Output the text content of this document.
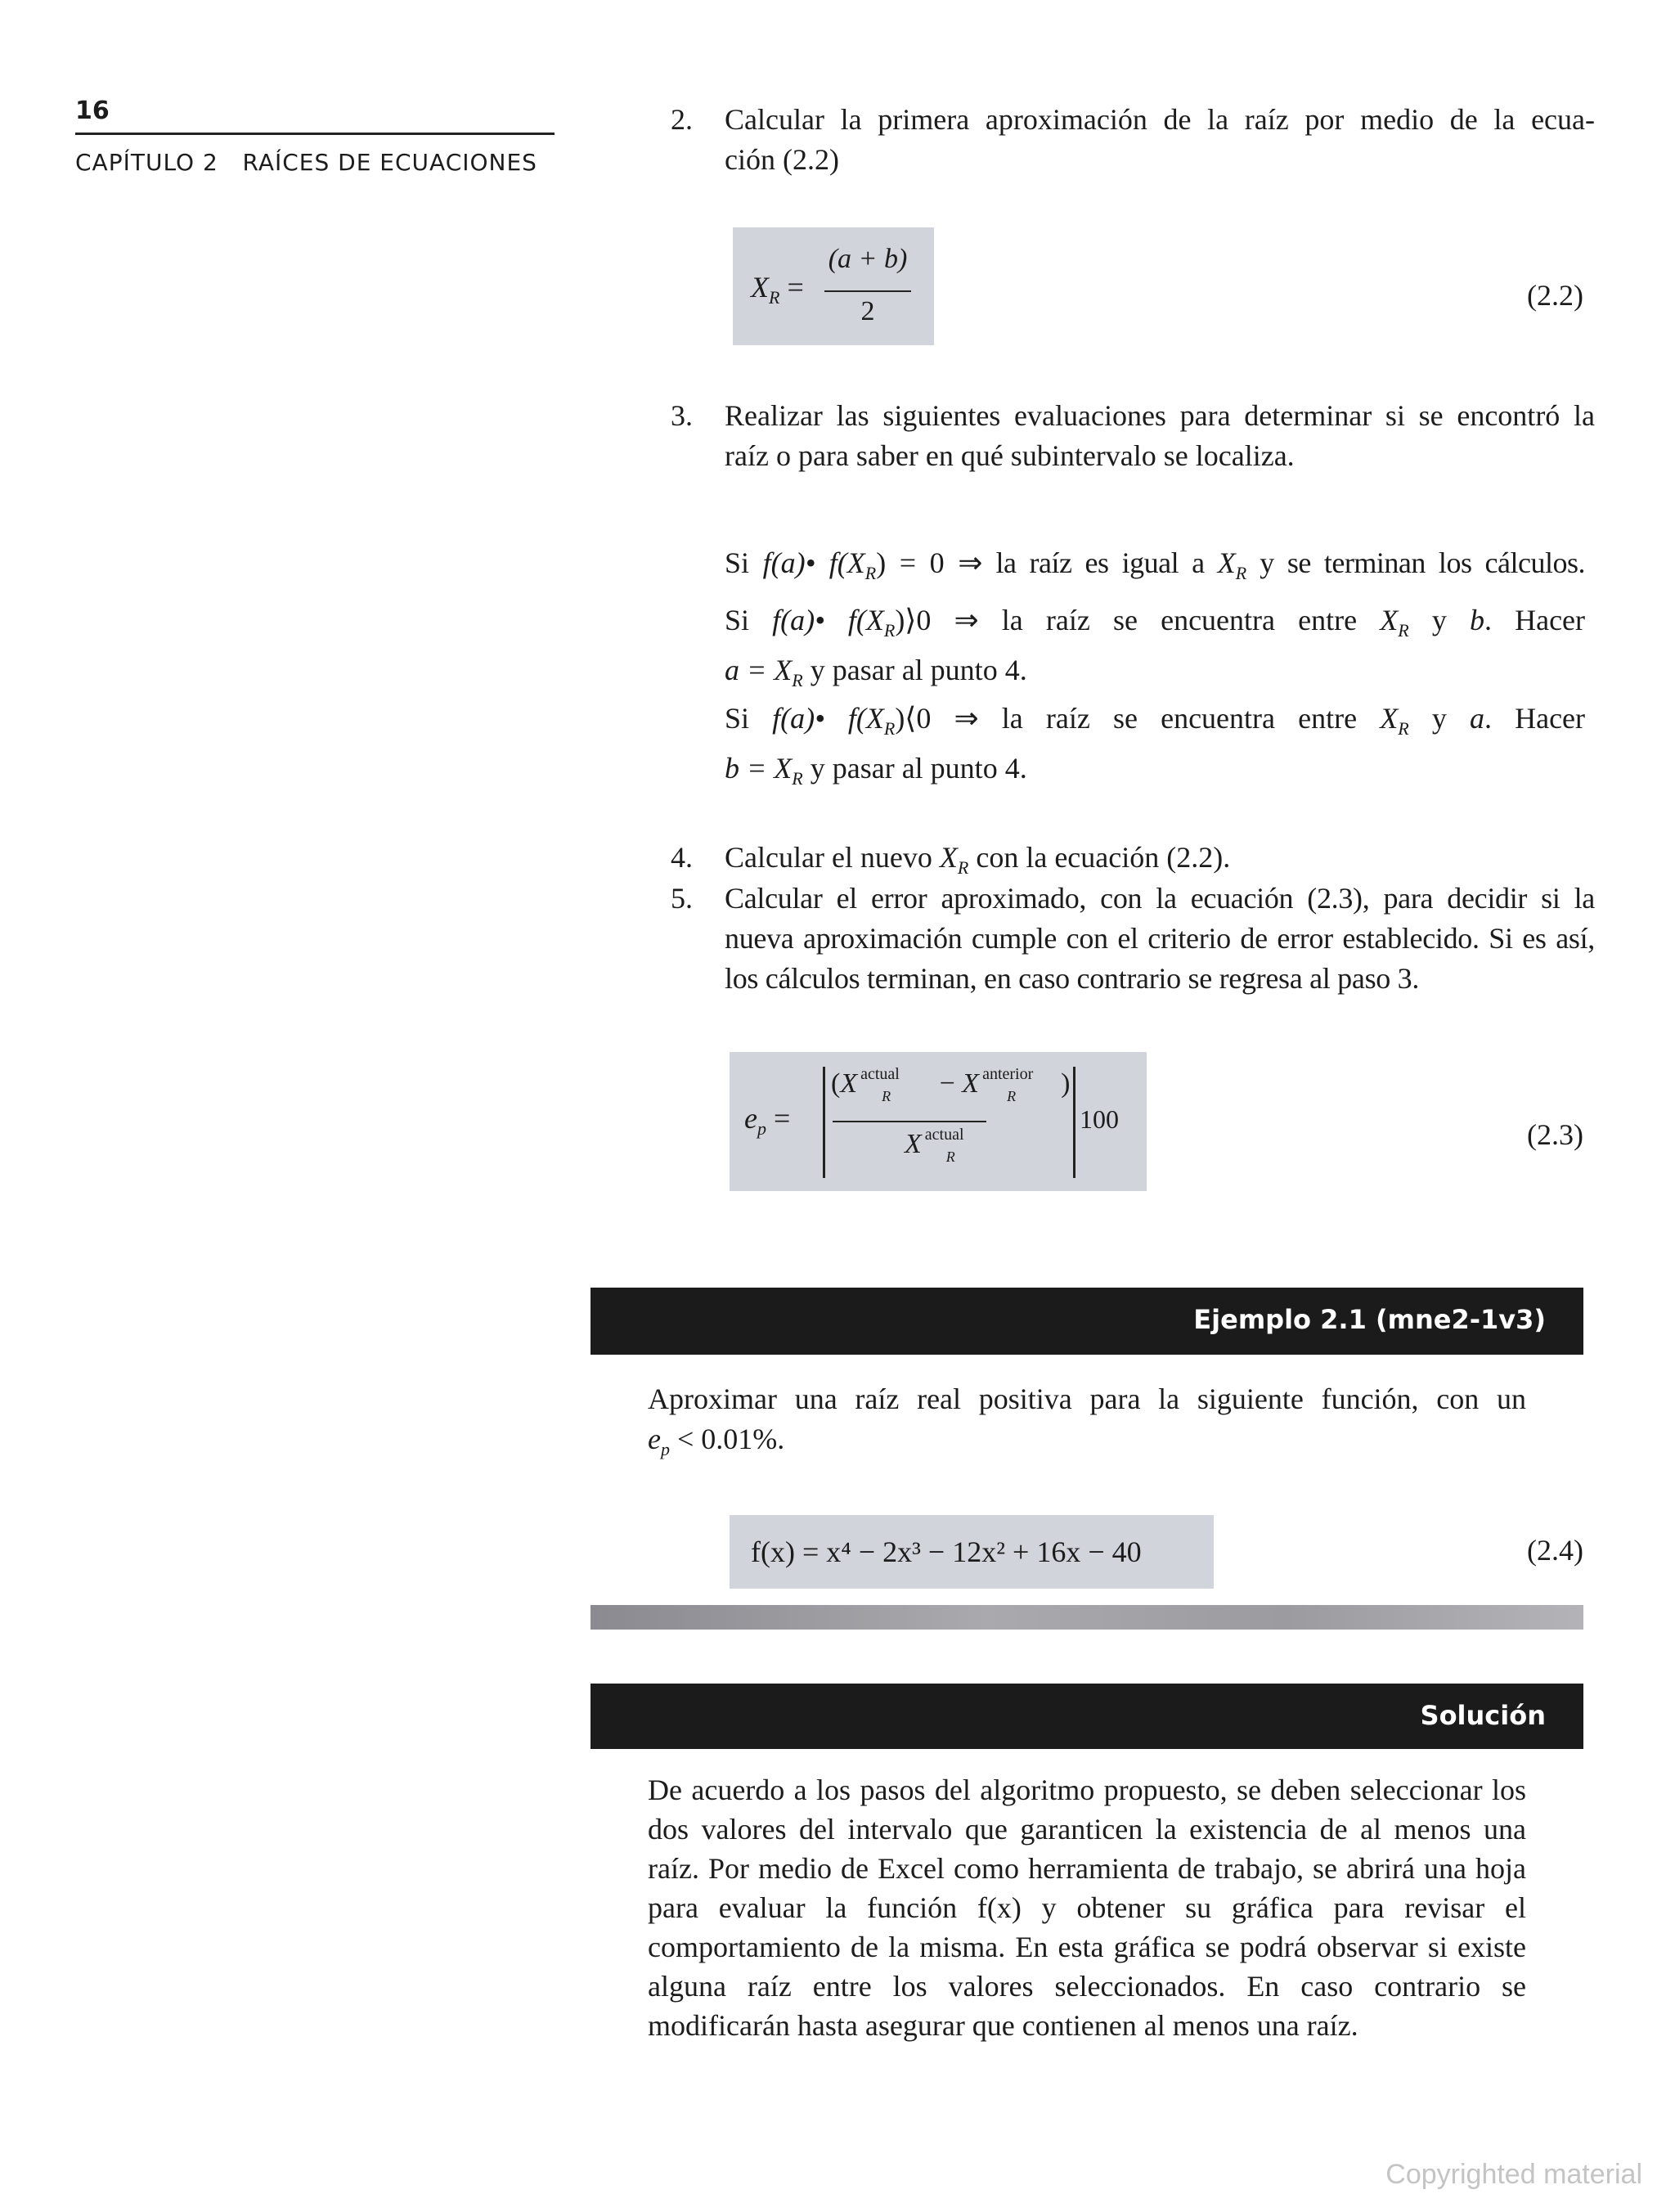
16
CAPÍTULO 2   RAÍCES DE ECUACIONES
2. Calcular la primera aproximación de la raíz por medio de la ecua-
ción (2.2)
$X_R$ =
(a + b)
2	(2.2)
3. Realizar las siguientes evaluaciones para determinar si se encontró la
raíz o para saber en qué subintervalo se localiza.
Si f(a)• $f(X_R) = 0$ ⇒ la raíz es igual a $X_R$ y se terminan los cálculos.
Si f(a)• $f(X_R)⟩0$ ⇒ la raíz se encuentra entre $X_R$ y b. Hacer
$a = X_R$ y pasar al punto 4.
Si f(a)• $f(X_R)⟨0$ ⇒ la raíz se encuentra entre $X_R$ y a. Hacer
$b = X_R$ y pasar al punto 4.
4. Calcular el nuevo $X_R$ con la ecuación (2.2).
5. Calcular el error aproximado, con la ecuación (2.3), para decidir si la nueva aproximación cumple con el criterio de error establecido. Si es así, los cálculos terminan, en caso contrario se regresa al paso 3.
$e_p$ =
(X actual
R − X anterior
R )
X actual
R
100	(2.3)
Ejemplo 2.1 (mne2-1v3)
Aproximar una raíz real positiva para la siguiente función, con un
$e_p < 0.01\%$.
f(x) = x⁴ − 2x³ − 12x² + 16x − 40	(2.4)
Solución
De acuerdo a los pasos del algoritmo propuesto, se deben seleccionar los dos valores del intervalo que garanticen la existencia de al menos una raíz. Por medio de Excel como herramienta de trabajo, se abrirá una hoja para evaluar la función f(x) y obtener su gráfica para revisar el comportamiento de la misma. En esta gráfica se podrá observar si existe alguna raíz entre los valores seleccionados. En caso contrario se modificarán hasta asegurar que contienen al menos una raíz.
Copyrighted material
